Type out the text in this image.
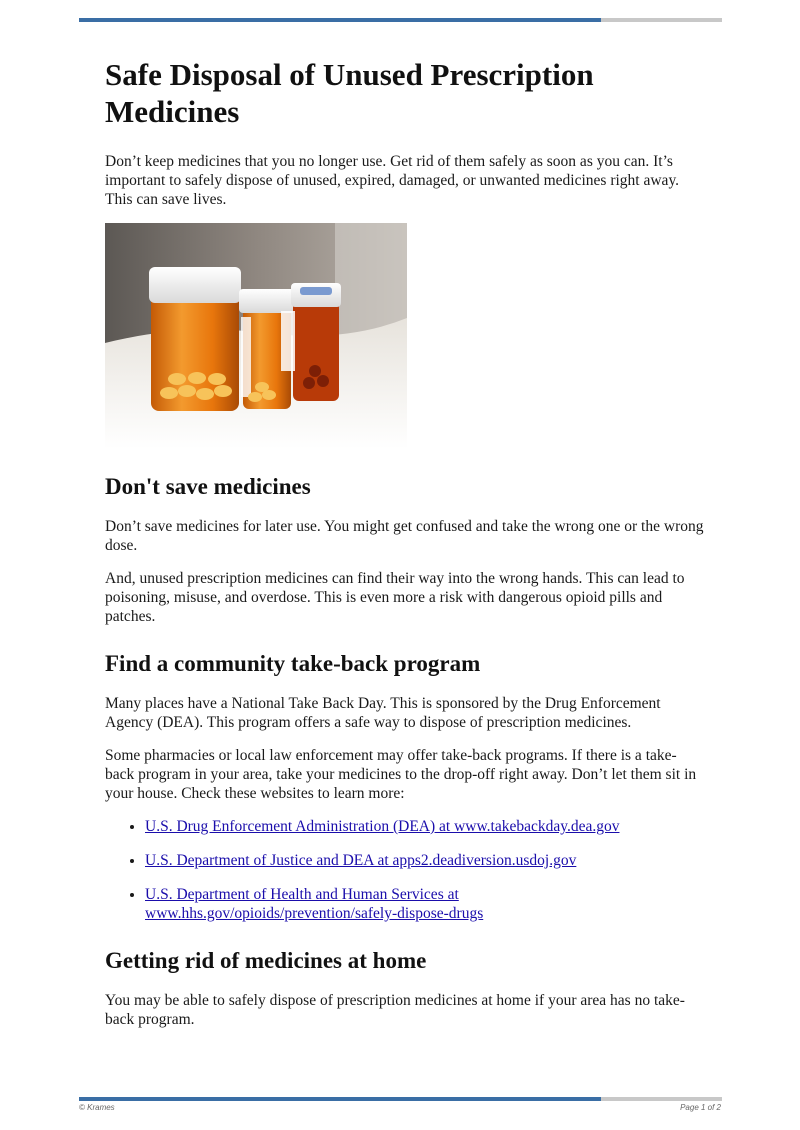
Safe Disposal of Unused Prescription Medicines

Don’t keep medicines that you no longer use. Get rid of them safely as soon as you can. It’s important to safely dispose of unused, expired, damaged, or unwanted medicines right away. This can save lives.

Don't save medicines

Don’t save medicines for later use. You might get confused and take the wrong one or the wrong dose.

And, unused prescription medicines can find their way into the wrong hands. This can lead to poisoning, misuse, and overdose. This is even more a risk with dangerous opioid pills and patches.

Find a community take-back program

Many places have a National Take Back Day. This is sponsored by the Drug Enforcement Agency (DEA). This program offers a safe way to dispose of prescription medicines.

Some pharmacies or local law enforcement may offer take-back programs. If there is a take-back program in your area, take your medicines to the drop-off right away. Don’t let them sit in your house. Check these websites to learn more:

• U.S. Drug Enforcement Administration (DEA) at www.takebackday.dea.gov
• U.S. Department of Justice and DEA at apps2.deadiversion.usdoj.gov
• U.S. Department of Health and Human Services at www.hhs.gov/opioids/prevention/safely-dispose-drugs
Getting rid of medicines at home

You may be able to safely dispose of prescription medicines at home if your area has no take-back program.

© Krames	Page 1 of 2
